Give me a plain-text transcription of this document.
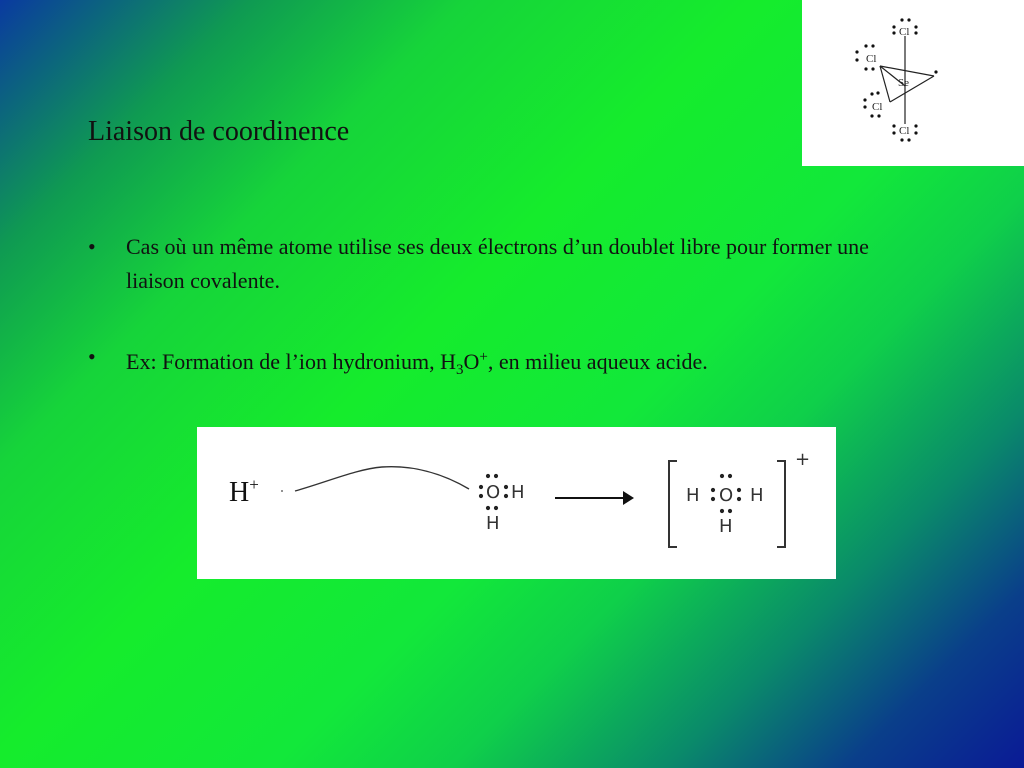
Liaison de coordinence
• Cas où un même atome utilise ses deux électrons d’un doublet libre pour former une liaison covalente.
• Ex: Formation de l’ion hydronium, $H_3O^+$, en milieu aqueux acide.
Cl
Cl
Cl
Cl
Se
H+	O H
H
H O H
H
+
